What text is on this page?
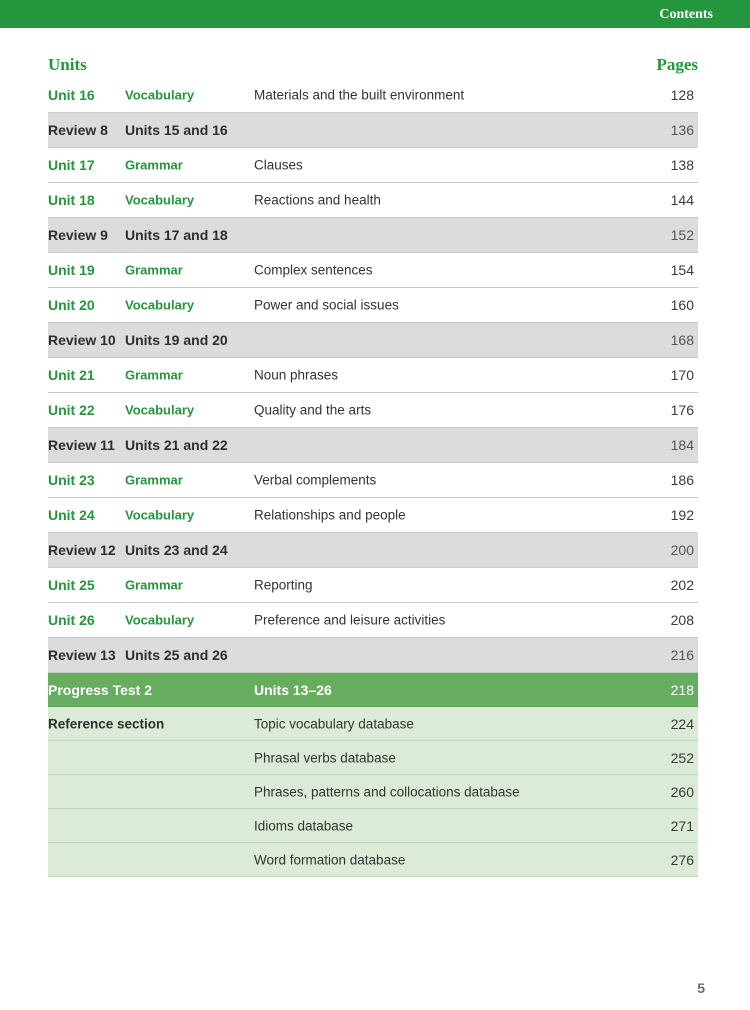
Contents
Units	Pages
Unit 16 Vocabulary	Materials and the built environment	128
Review 8 Units 15 and 16	136
Unit 17 Grammar	Clauses	138
Unit 18 Vocabulary	Reactions and health	144
Review 9 Units 17 and 18	152
Unit 19 Grammar	Complex sentences	154
Unit 20 Vocabulary	Power and social issues	160
Review 10 Units 19 and 20	168
Unit 21 Grammar	Noun phrases	170
Unit 22 Vocabulary	Quality and the arts	176
Review 11 Units 21 and 22	184
Unit 23 Grammar	Verbal complements	186
Unit 24 Vocabulary	Relationships and people	192
Review 12 Units 23 and 24	200
Unit 25 Grammar	Reporting	202
Unit 26 Vocabulary	Preference and leisure activities	208
Review 13 Units 25 and 26	216
Progress Test 2	Units 13–26	218
Reference section	Topic vocabulary database	224
Phrasal verbs database	252
Phrases, patterns and collocations database	260
Idioms database	271
Word formation database	276
5
